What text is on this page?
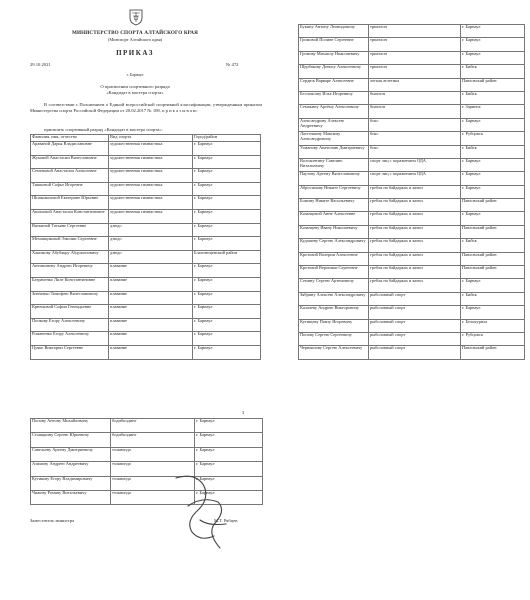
МИНИСТЕРСТВО СПОРТА АЛТАЙСКОГО КРАЯ
(Минспорт Алтайского края)
ПРИКАЗ
29.10.2021	№ 472
г. Барнаул
О присвоении спортивного разряда
«Кандидат в мастера спорта»
В соответствии с Положением о Единой всероссийской спортивной классификации, утвержденным приказом Министерства спорта Российской Федерации от 20.02.2017 № 108, п р и к а з ы в а ю:
присвоить спортивный разряд «Кандидат в мастера спорта»:
Фамилия, имя, отчество	Вид спорта	Город/район
Араваной Дарья Владиславовне	художественная гимнастика	г. Барнаул
Жуковой Анастасии Вячеславовне	художественная гимнастика	г. Барнаул
Семеновой Анастасии Алексеевне	художественная гимнастика	г. Барнаул
Тишковой Софье Игоревне	художественная гимнастика	г. Барнаул
Шпаковаловой Екатерине Юрьевне	художественная гимнастика	г. Барнаул
Ашиховой Анастасии Константиновне	художественная гимнастика	г. Барнаул
Вяткиной Татьяне Сергеевне	дзюдо	г. Барнаул
Меховщиковой Эмилии Сергеевне	дзюдо	г. Барнаул
Хакимову Абубакру Абдужоновичу	дзюдо	Благовещенский район
Антимонову Андрею Игоревичу	плавание	г. Барнаул
Батраченко Лиле Константиновне	плавание	г. Барнаул
Зинченко Тимофею Вячеславовичу	плавание	г. Барнаул
Крючковой Софии Геннадьевне	плавание	г. Барнаул
Попкову Егору Алексеевичу	плавание	г. Барнаул
Романенко Егору Алексеевичу	плавание	г. Барнаул
Цуяко Виктории Сергеевне	плавание	г. Барнаул
Букину Антону Леонидовичу	триатлон	г. Барнаул
Громовой Полине Сергеевне	триатлон	г. Барнаул
Громову Михаилу Николаевичу	триатлон	г. Барнаул
Щербакову Денису Алексеевичу	триатлон	г. Бийск
Сердюк Варваре Алексеевне	легкая атлетика	Павловский район
Беспоясову Илье Игоревичу	биатлон	г. Бийск
Семакину Артёму Алексеевичу	биатлон	г. Заринск
Александрову Алексею Андреевичу	бокс	г. Барнаул
Ласточкину Максиму Александровичу	бокс	г. Рубцовск
Усманову Анатолию Дмитриевичу	бокс	г. Бийск
Волоконтину Савелию Витальевичу	спорт лиц с поражением ОДА	г. Барнаул
Паутову Артему Вячеславовичу	спорт лиц с поражением ОДА	г. Барнаул
Абросимову Никите Сергеевичу	гребля на байдарках и каноэ	г. Барнаул
Бомину Никите Васильевичу	гребля на байдарках и каноэ	Павловский район
Казанцевой Анне Алексеевне	гребля на байдарках и каноэ	г. Барнаул
Казанцеву Ивану Николаевичу	гребля на байдарках и каноэ	Павловский район
Кудашеву Сергею Александровичу	гребля на байдарках и каноэ	г. Бийск
Кротовой Валерии Алексеевне	гребля на байдарках и каноэ	Павловский район
Кротовой Вероники Сергеевне	гребля на байдарках и каноэ	Павловский район
Семину Сергею Артемовичу	гребля на байдарках и каноэ	г. Барнаул
Зябрину Алексею Александровичу	рыболовный спорт	г. Бийск
Калачеву Андрею Викторовичу	рыболовный спорт	г. Барнаул
Кутищеву Павлу Игоревичу	рыболовный спорт	г. Белокуриха
Попову Сергею Сергеевичу	рыболовный спорт	г. Рубцовск
Чернышову Сергею Алексеевичу	рыболовный спорт	Павловский район
3
Попову Антону Михайловичу	бодибилдинг	г. Барнаул
Стоящкину Сергею Юрьевичу	бодибилдинг	г. Барнаул
Савельеву Артему Дмитриевичу	тхэквондо	г. Барнаул
Азимову Андрею Андреевичу	тхэквондо	г. Барнаул
Кутикову Егору Владимировичу	тхэквондо	г. Барнаул
Чижову Роману Витальевичу	тхэквондо	г. Барнаул
Заместитель министра	М.Т. Рябцев
